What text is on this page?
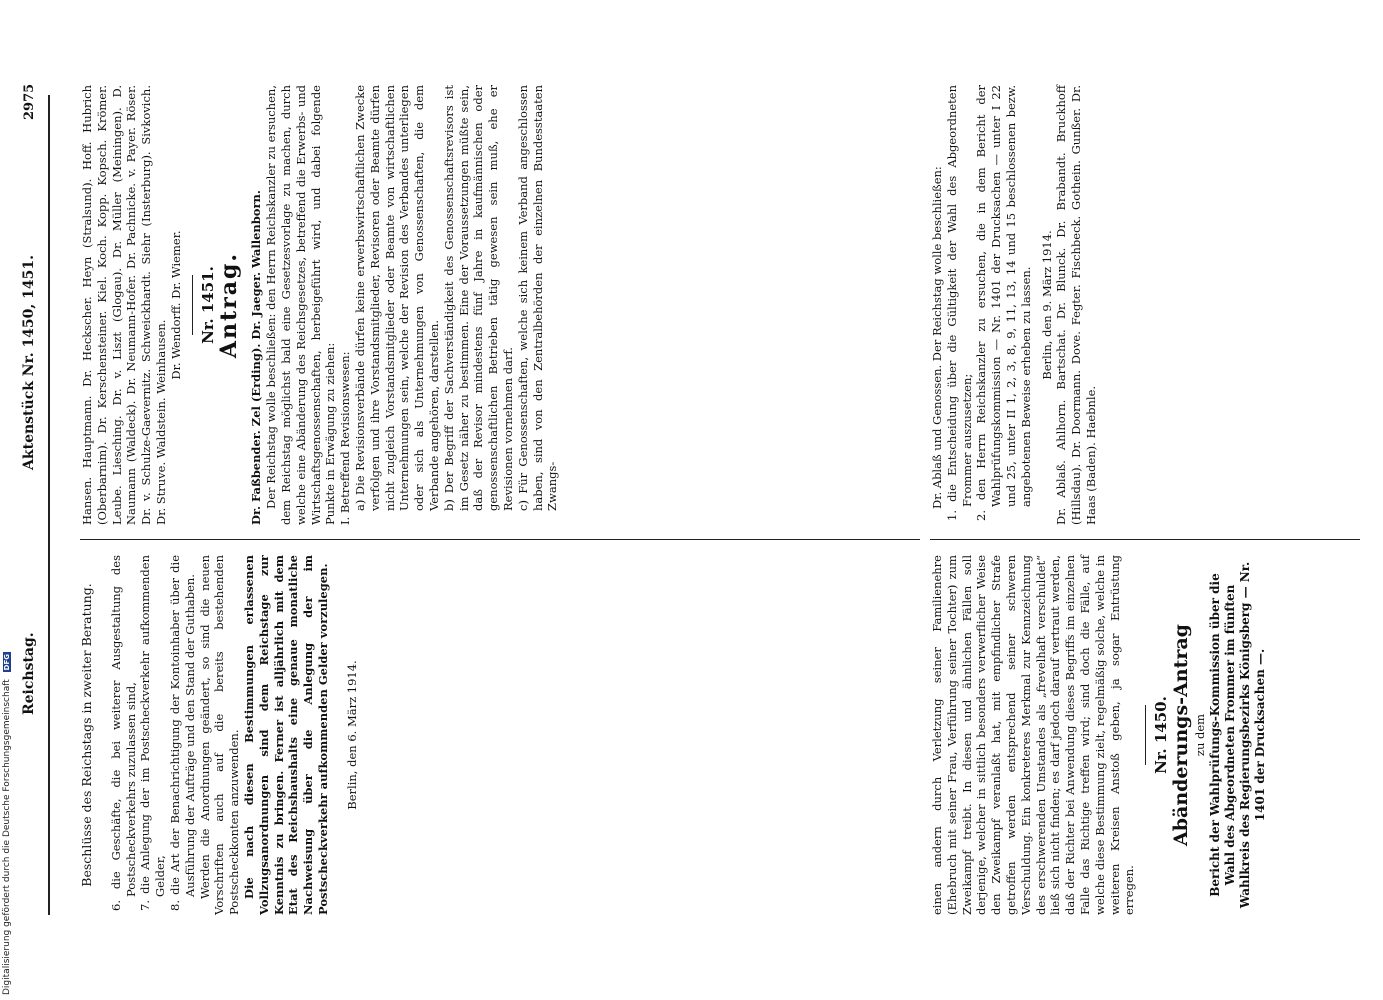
Reichstag.
Aktenstück Nr. 1450, 1451.
2975

Beschlüsse des Reichstags in zweiter Beratung. 6. die Geschäfte, die bei weiterer Ausgestaltung des Postscheckverkehrs zuzulassen sind, 7. die Anlegung der im Postscheckverkehr aufkommenden Gelder, 8. die Art der Benachrichtigung der Kontoinhaber über die Ausführung der Aufträge und den Stand der Guthaben. Werden die Anordnungen geändert, so sind die neuen Vorschriften auch auf die bereits bestehenden Postscheckkonten anzuwenden. Die nach diesen Bestimmungen erlassenen Vollzugsanordnungen sind dem Reichstage zur Kenntnis zu bringen. Ferner ist alljährlich mit dem Etat des Reichshaushalts eine genaue monatliche Nachweisung über die Anlegung der im Postscheckverkehr aufkommenden Gelder vorzulegen. Berlin, den 6. März 1914.

Hansen. Hauptmann. Dr. Heckscher. Heyn (Stralsund). Hoff. Hubrich (Oberbarnim). Dr. Kerschensteiner. Kiel. Koch. Kopp. Kopsch. Krömer. Leube. Liesching. Dr. v. Liszt (Glogau). Dr. Müller (Meiningen). D. Naumann (Waldeck). Dr. Neumann-Hofer. Dr. Pachnicke. v. Payer. Röser. Dr. v. Schulze-Gaevernitz. Schweickhardt. Siehr (Insterburg). Sivkovich. Dr. Struve. Waldstein. Weinhausen.

Dr. Wendorff. Dr. Wiemer. Nr. 1451. Antrag. Dr. Faßbender. Zel (Erding). Dr. Jaeger. Wallenborn. Der Reichstag wolle beschließen: den Herrn Reichskanzler zu ersuchen, dem Reichstag möglichst bald eine Gesetzesvorlage zu machen, durch welche eine Abänderung des Reichsgesetzes, betreffend die Erwerbs- und Wirtschaftsgenossenschaften, herbeigeführt wird, und dabei folgende Punkte in Erwägung zu ziehen: I. Betreffend Revisionswesen: a) Die Revisionsverbände dürfen keine erwerbswirtschaftlichen Zwecke verfolgen und ihre Vorstandsmitglieder, Revisoren oder Beamte dürfen nicht zugleich Vorstandsmitglieder oder Beamte von wirtschaftlichen Unternehmungen sein, welche der Revision des Verbandes unterliegen oder sich als Unternehmungen von Genossenschaften, die dem Verbande angehören, darstellen. b) Der Begriff der Sachverständigkeit des Genossenschaftsrevisors ist im Gesetz näher zu bestimmen. Eine der Voraussetzungen müßte sein, daß der Revisor mindestens fünf Jahre in kaufmännischen oder genossenschaftlichen Betrieben tätig gewesen sein muß, ehe er Revisionen vornehmen darf. c) Für Genossenschaften, welche sich keinem Verband angeschlossen haben, sind von den Zentralbehörden der einzelnen Bundesstaaten Zwangs-

einen andern durch Verletzung seiner Familienehre (Ehebruch mit seiner Frau, Verführung seiner Tochter) zum Zweikampf treibt. In diesen und ähnlichen Fällen soll derjenige, welcher in sittlich besonders verwerflicher Weise den Zweikampf veranlaßt hat, mit empfindlicher Strafe getroffen werden entsprechend seiner schweren Verschuldung. Ein konkreteres Merkmal zur Kennzeichnung des erschwerenden Umstandes als „frevelhaft verschuldet“ ließ sich nicht finden; es darf jedoch darauf vertraut werden, daß der Richter bei Anwendung dieses Begriffs im einzelnen Falle das Richtige treffen wird; sind doch die Fälle, auf welche diese Bestimmung zielt, regelmäßig solche, welche in weiteren Kreisen Anstoß geben, ja sogar Entrüstung erregen.

Nr. 1450. Abänderungs-Antrag zu dem Bericht der Wahlprüfungs-Kommission über die Wahl des Abgeordneten Frommer im fünften Wahlkreis des Regierungsbezirks Königsberg — Nr. 1401 der Drucksachen —.

Dr. Ablaß und Genossen. Der Reichstag wolle beschließen: 1. die Entscheidung über die Gültigkeit der Wahl des Abgeordneten Frommer auszusetzen; 2. den Herrn Reichskanzler zu ersuchen, die in dem Bericht der Wahlprüfungskommission — Nr. 1401 der Drucksachen — unter I 22 und 25, unter II 1, 2, 3, 8, 9, 11, 13, 14 und 15 beschlossenen bezw. angebotenen Beweise erheben zu lassen. Berlin, den 9. März 1914. Dr. Ablaß. Ahlhorn. Bartschat. Dr. Blunck. Dr. Brabandt. Bruckhoff (Hillsdau). Dr. Doormann. Dove. Fegter. Fischbeck. Gothein. Gunßer. Dr. Haas (Baden). Haebnle.

Digitalisierung gefördert durch die Deutsche Forschungsgemeinschaft DFG
